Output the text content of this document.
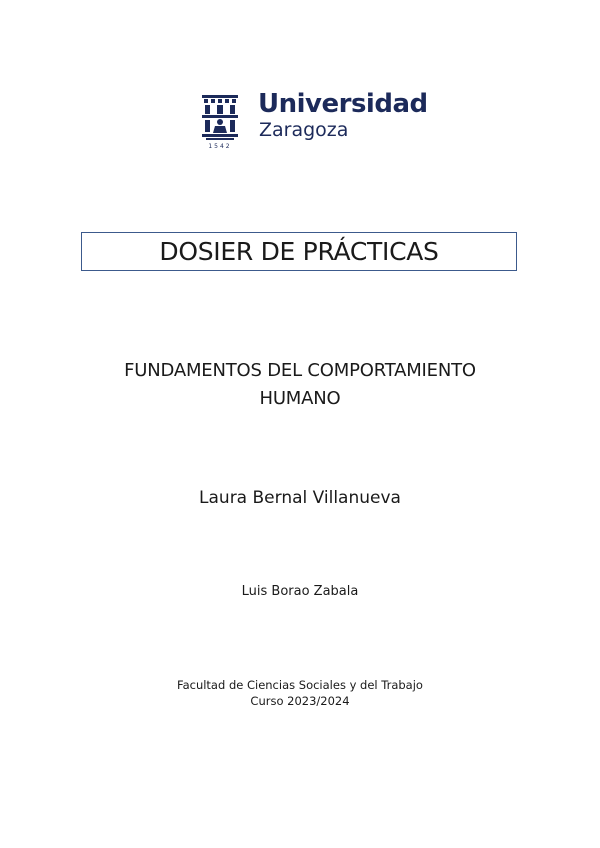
1542
Universidad
Zaragoza
DOSIER DE PRÁCTICAS
FUNDAMENTOS DEL COMPORTAMIENTO
HUMANO
Laura Bernal Villanueva
Luis Borao Zabala
Facultad de Ciencias Sociales y del Trabajo
Curso 2023/2024
